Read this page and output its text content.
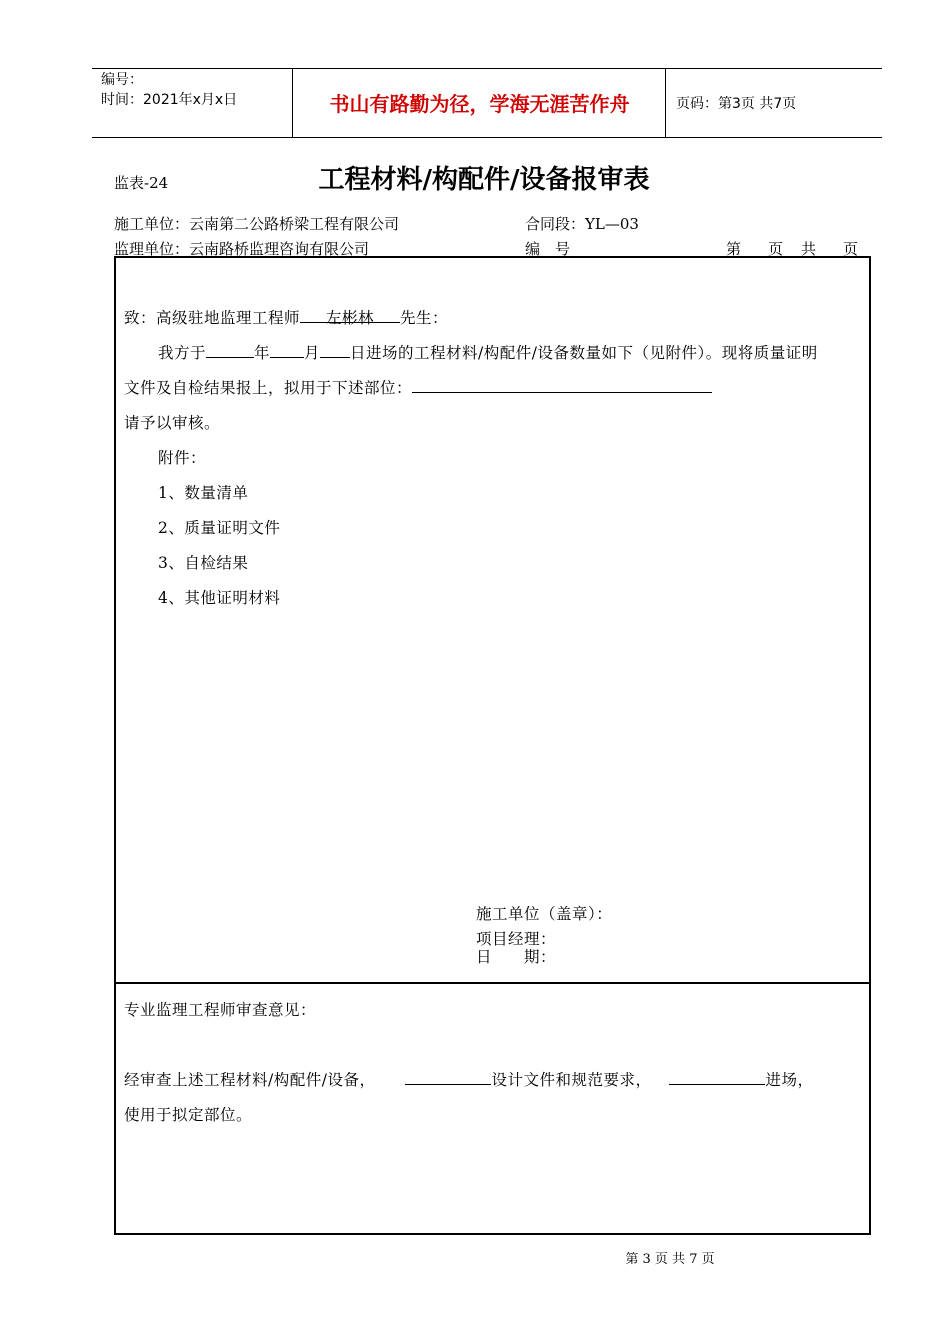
编号：
时间：2021年x月x日	书山有路勤为径，学海无涯苦作舟	页码：第3页 共7页
监表-24	工程材料/构配件/设备报审表
施工单位：云南第二公路桥梁工程有限公司	合同段：YL—03
监理单位：云南路桥监理咨询有限公司	编　号	第 页 共 页
致：高级驻地监理工程师 左彬林 先生：
我方于	年 月 日进场的工程材料/构配件/设备数量如下（见附件）。现将质量证明
文件及自检结果报上，拟用于下述部位：
请予以审核。
附件：
1、数量清单
2、质量证明文件
3、自检结果
4、其他证明材料
施工单位（盖章）：
项目经理：
日　　期：
专业监理工程师审查意见：
经审查上述工程材料/构配件/设备，	设计文件和规范要求，	进场，
使用于拟定部位。
第 3 页 共 7 页
